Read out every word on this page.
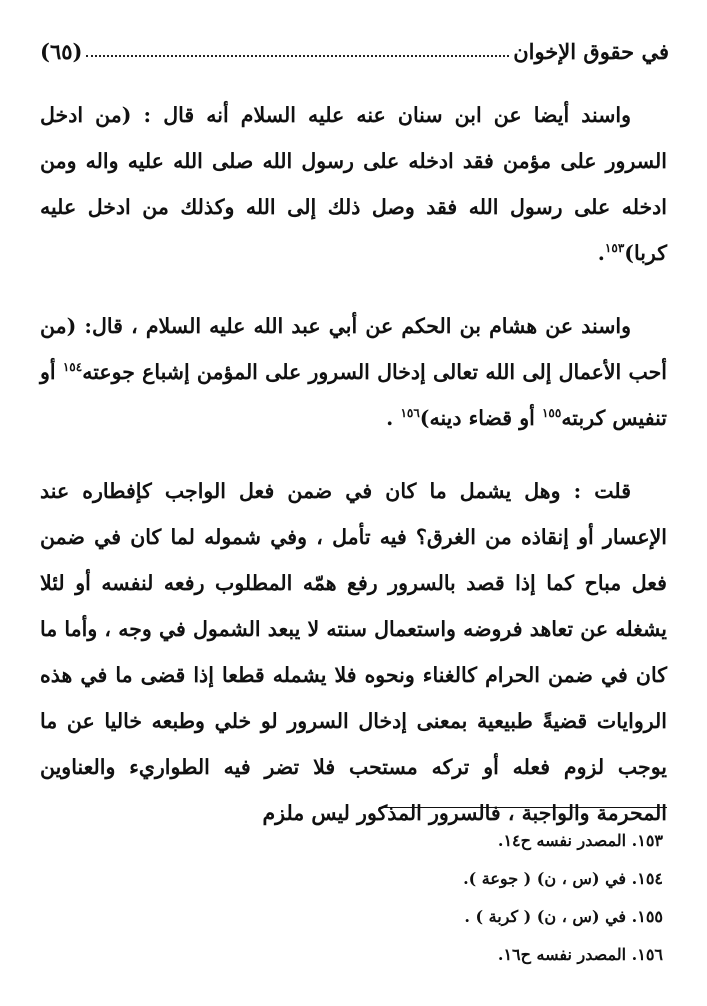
في حقوق الإخوان
(٦٥)

واسند أيضا عن ابن سنان عنه عليه السلام أنه قال : (من ادخل السرور على مؤمن فقد ادخله على رسول الله صلى الله عليه واله ومن ادخله على رسول الله فقد وصل ذلك إلى الله وكذلك من ادخل عليه كربا)$^{١٥٣}$.

واسند عن هشام بن الحكم عن أبي عبد الله عليه السلام ، قال: (من أحب الأعمال إلى الله تعالى إدخال السرور على المؤمن إشباع جوعته$^{١٥٤}$ أو تنفيس كربته$^{١٥٥}$ أو قضاء دينه)$^{١٥٦}$ .

قلت : وهل يشمل ما كان في ضمن فعل الواجب كإفطاره عند الإعسار أو إنقاذه من الغرق؟ فيه تأمل ، وفي شموله لما كان في ضمن فعل مباح كما إذا قصد بالسرور رفع همّه المطلوب رفعه لنفسه أو لئلا يشغله عن تعاهد فروضه واستعمال سنته لا يبعد الشمول في وجه ، وأما ما كان في ضمن الحرام كالغناء ونحوه فلا يشمله قطعا إذا قضى ما في هذه الروايات قضيةً طبيعية بمعنى إدخال السرور لو خلي وطبعه خاليا عن ما يوجب لزوم فعله أو تركه مستحب فلا تضر فيه الطواريء والعناوين المحرمة والواجبة ، فالسرور المذكور ليس ملزم

١٥٣. المصدر نفسه ح١٤.

١٥٤. في (س ، ن) ( جوعة ).

١٥٥. في (س ، ن) ( كربة ) .

١٥٦. المصدر نفسه ح١٦.
